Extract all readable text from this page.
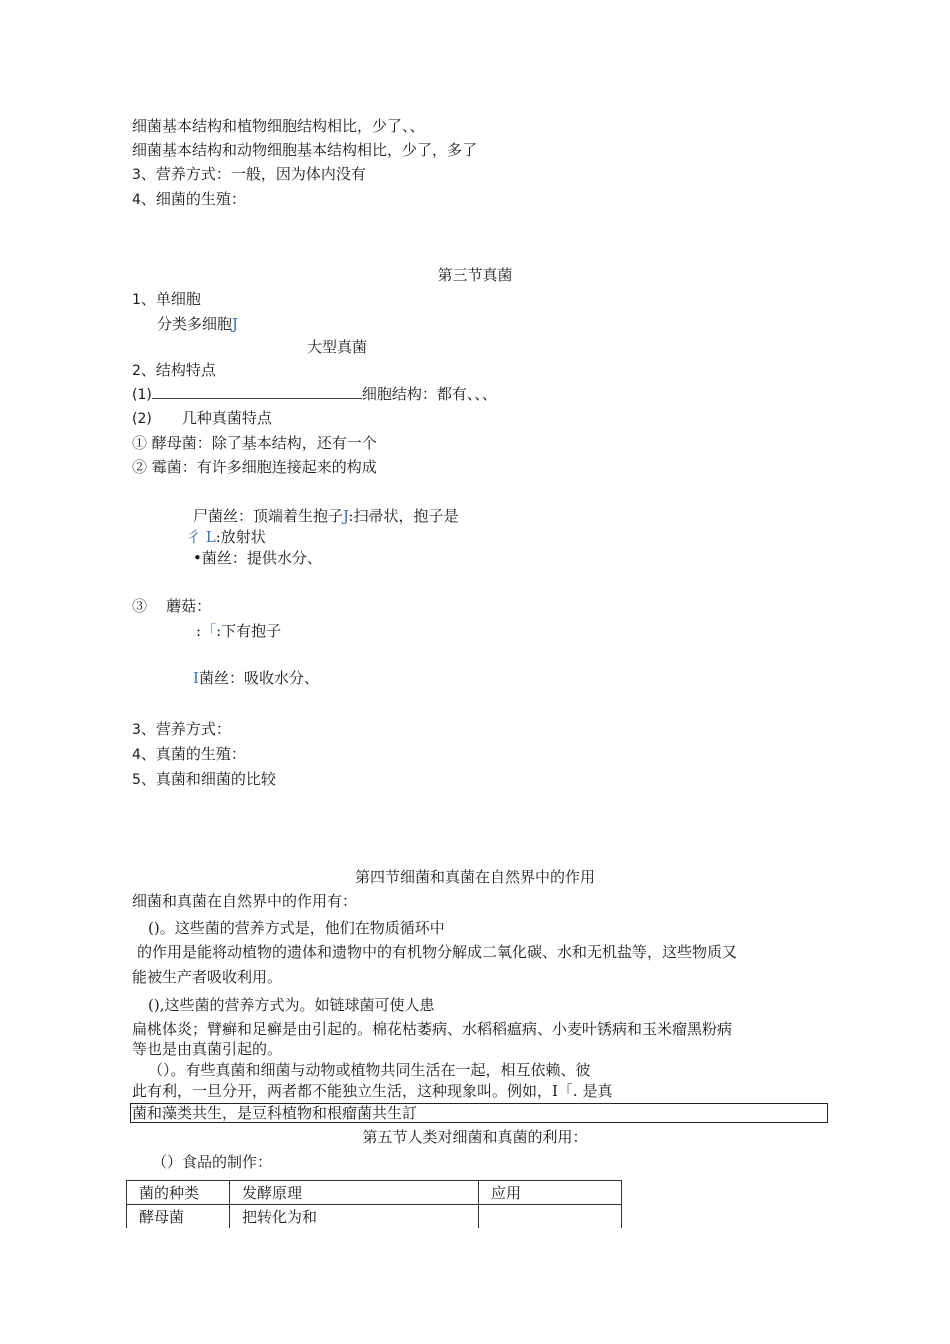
细菌基本结构和植物细胞结构相比，少了、、
细菌基本结构和动物细胞基本结构相比，少了，多了
3、营养方式：一般，因为体内没有
4、细菌的生殖：
第三节真菌
1、单细胞
分类多细胞J
大型真菌
2、结构特点
(1)	细胞结构：都有、、、
(2) 几种真菌特点
① 酵母菌：除了基本结构，还有一个
② 霉菌：有许多细胞连接起来的构成
尸菌丝：顶端着生抱子J:扫帚状，抱子是
彳 L:放射状
•菌丝：提供水分、
③    蘑菇：
:「:下有抱子
I菌丝：吸收水分、
3、营养方式：
4、真菌的生殖：
5、真菌和细菌的比较
第四节细菌和真菌在自然界中的作用
细菌和真菌在自然界中的作用有：
()。这些菌的营养方式是，他们在物质循环中
的作用是能将动植物的遗体和遗物中的有机物分解成二氧化碳、水和无机盐等，这些物质又
能被生产者吸收利用。
(),这些菌的营养方式为。如链球菌可使人患
扁桃体炎；臂癣和足癣是由引起的。棉花枯萎病、水稻稻瘟病、小麦叶锈病和玉米瘤黑粉病
等也是由真菌引起的。
（）。有些真菌和细菌与动物或植物共同生活在一起，相互依赖、彼
此有利，一旦分开，两者都不能独立生活，这种现象叫。例如，I「. 是真
菌和藻类共生，是豆科植物和根瘤菌共生訂
第五节人类对细菌和真菌的利用：
（）食品的制作：
菌的种类	发酵原理	应用
酵母菌	把转化为和	
